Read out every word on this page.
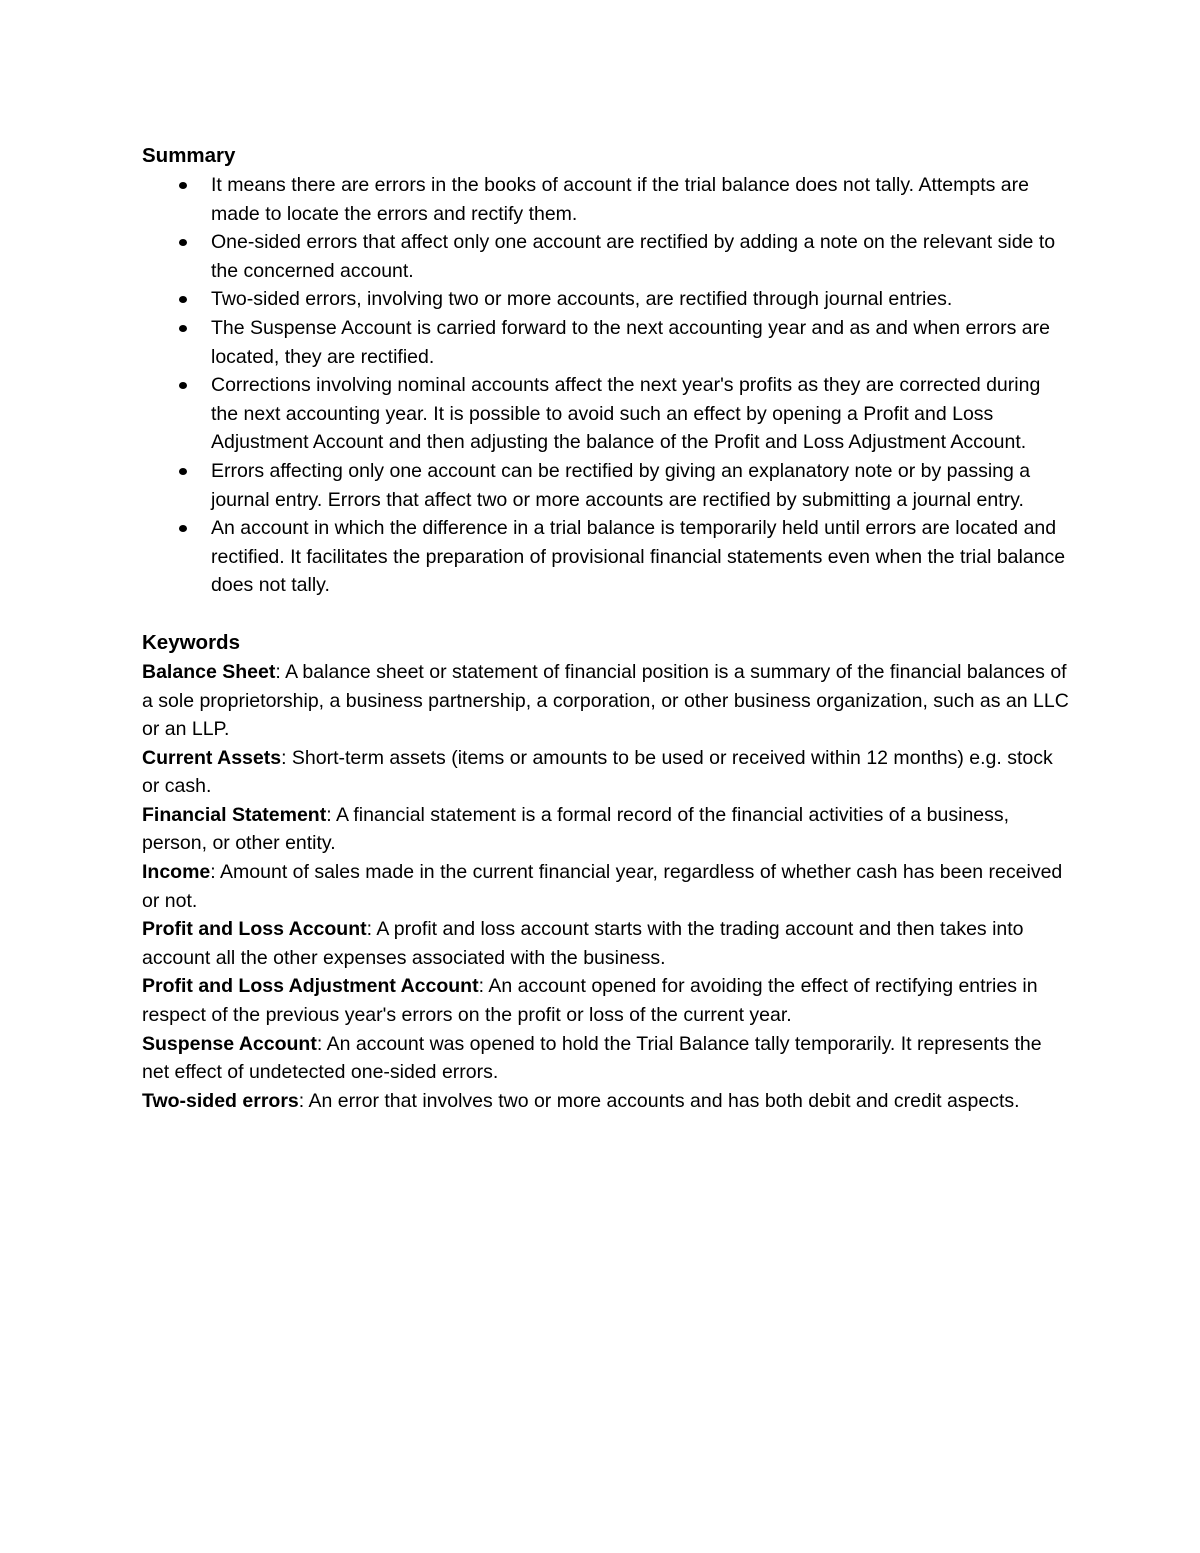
Summary
It means there are errors in the books of account if the trial balance does not tally. Attempts are made to locate the errors and rectify them.
One-sided errors that affect only one account are rectified by adding a note on the relevant side to the concerned account.
Two-sided errors, involving two or more accounts, are rectified through journal entries.
The Suspense Account is carried forward to the next accounting year and as and when errors are located, they are rectified.
Corrections involving nominal accounts affect the next year's profits as they are corrected during the next accounting year. It is possible to avoid such an effect by opening a Profit and Loss Adjustment Account and then adjusting the balance of the Profit and Loss Adjustment Account.
Errors affecting only one account can be rectified by giving an explanatory note or by passing a journal entry. Errors that affect two or more accounts are rectified by submitting a journal entry.
An account in which the difference in a trial balance is temporarily held until errors are located and rectified. It facilitates the preparation of provisional financial statements even when the trial balance does not tally.
Keywords

Balance Sheet: A balance sheet or statement of financial position is a summary of the financial balances of a sole proprietorship, a business partnership, a corporation, or other business organization, such as an LLC or an LLP.

Current Assets: Short-term assets (items or amounts to be used or received within 12 months) e.g. stock or cash.

Financial Statement: A financial statement is a formal record of the financial activities of a business, person, or other entity.

Income: Amount of sales made in the current financial year, regardless of whether cash has been received or not.

Profit and Loss Account: A profit and loss account starts with the trading account and then takes into account all the other expenses associated with the business.

Profit and Loss Adjustment Account: An account opened for avoiding the effect of rectifying entries in respect of the previous year's errors on the profit or loss of the current year.

Suspense Account: An account was opened to hold the Trial Balance tally temporarily. It represents the net effect of undetected one-sided errors.

Two-sided errors: An error that involves two or more accounts and has both debit and credit aspects.
